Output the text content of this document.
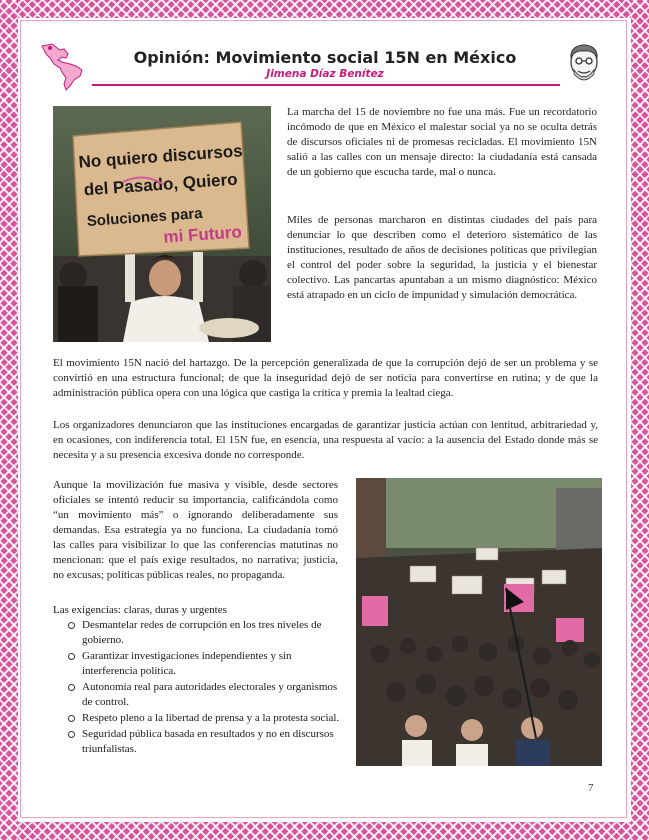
Opinión: Movimiento social 15N en México
Jimena Díaz Benítez
No quiero discursos
del Pasado, Quiero
Soluciones para
mi Futuro
La marcha del 15 de noviembre no fue una más. Fue un recordatorio incómodo de que en México el malestar social ya no se oculta detrás de discursos oficiales ni de promesas recicladas. El movimiento 15N salió a las calles con un mensaje directo: la ciudadanía está cansada de un gobierno que escucha tarde, mal o nunca.
Miles de personas marcharon en distintas ciudades del país para denunciar lo que describen como el deterioro sistemático de las instituciones, resultado de años de decisiones políticas que privilegian el control del poder sobre la seguridad, la justicia y el bienestar colectivo. Las pancartas apuntaban a un mismo diagnóstico: México está atrapado en un ciclo de impunidad y simulación democrática.
El movimiento 15N nació del hartazgo. De la percepción generalizada de que la corrupción dejó de ser un problema y se convirtió en una estructura funcional; de que la inseguridad dejó de ser noticia para convertirse en rutina; y de que la administración pública opera con una lógica que castiga la crítica y premia la lealtad ciega.
Los organizadores denunciaron que las instituciones encargadas de garantizar justicia actúan con lentitud, arbitrariedad y, en ocasiones, con indiferencia total. El 15N fue, en esencia, una respuesta al vacío: a la ausencia del Estado donde más se necesita y a su presencia excesiva donde no corresponde.
Aunque la movilización fue masiva y visible, desde sectores oficiales se intentó reducir su importancia, calificándola como “un movimiento más” o ignorando deliberadamente sus demandas. Esa estrategia ya no funciona. La ciudadanía tomó las calles para visibilizar lo que las conferencias matutinas no mencionan: que el país exige resultados, no narrativa; justicia, no excusas; políticas públicas reales, no propaganda.
Las exigencias: claras, duras y urgentes
Desmantelar redes de corrupción en los tres niveles de gobierno.
Garantizar investigaciones independientes y sin interferencia política.
Autonomía real para autoridades electorales y organismos de control.
Respeto pleno a la libertad de prensa y a la protesta social.
Seguridad pública basada en resultados y no en discursos triunfalistas.
7
